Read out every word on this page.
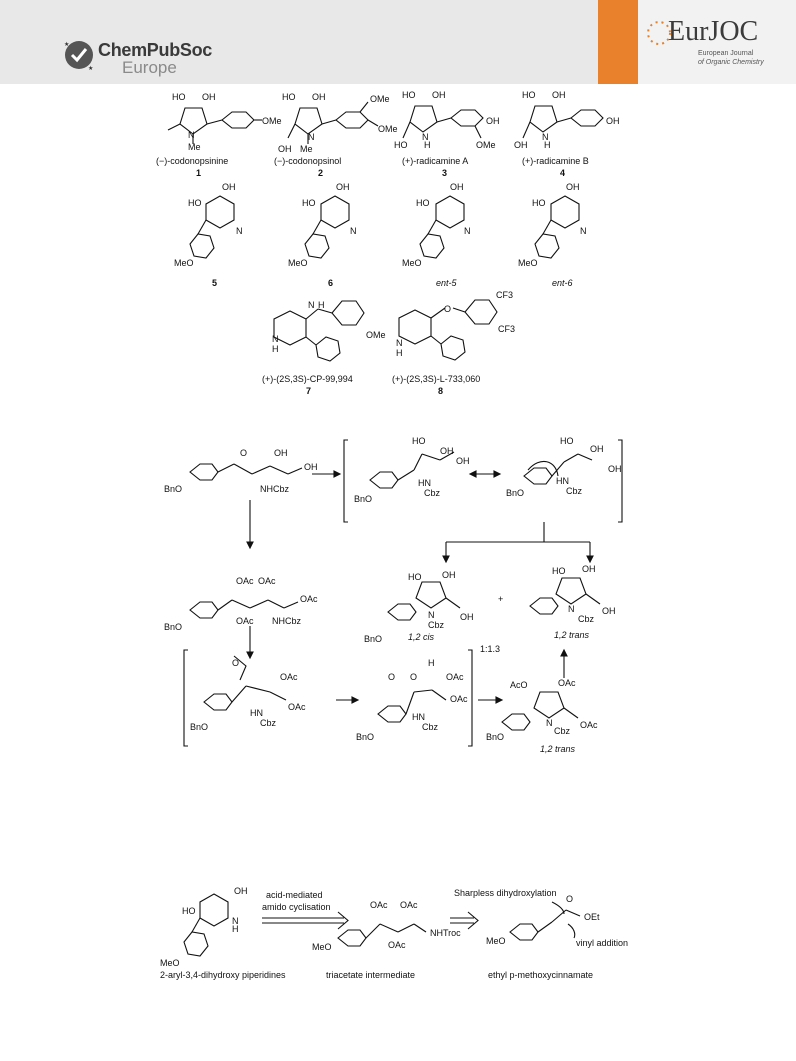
★
★
ChemPubSoc
Europe
EurJOC
European Journal
of Organic Chemistry
HO OH
N
Me
OMe
HO OH
N
Me
OH
OMe
OMe
HO OH
N
H
HO
OH
OMe
HO OH
N
H
OH
OH
(−)-codonopsinine
1
(−)-codonopsinol
2
(+)-radicamine A
3
(+)-radicamine B
4
OH
HO
N
MeO
OH
HO
N
MeO
OH
HO
N
MeO
OH
HO
N
MeO
5	6	ent-5	ent-6
N H
OMe
N
H
O
CF3
CF3
N
H
(+)-(2S,3S)-CP-99,994
7
(+)-(2S,3S)-L-733,060
8
BnO	NHCbz
OH
OH
O
BnO
HO
OH
OH
HN
Cbz	BnO
HO
OH
OH
HN
Cbz
OAc OAc
OAc
OAc NHCbz
BnO
HO OH
N
Cbz
OH
BnO	1,2 cis
+
HO OH
N
Cbz
OH
1,2 trans
1:1.3
O
OAc
OAc
HN
Cbz
BnO
O O
H
OAc
OAc
HN
Cbz
BnO
AcO	OAc
N
Cbz
OAc
BnO
1,2 trans
OH
HO
N
H
MeO
acid-mediated
amido cyclisation	OAc OAc
OAc
NHTroc
MeO
Sharpless dihydroxylation
O
OEt
vinyl addition
MeO
2-aryl-3,4-dihydroxy piperidines	triacetate intermediate	ethyl p-methoxycinnamate
